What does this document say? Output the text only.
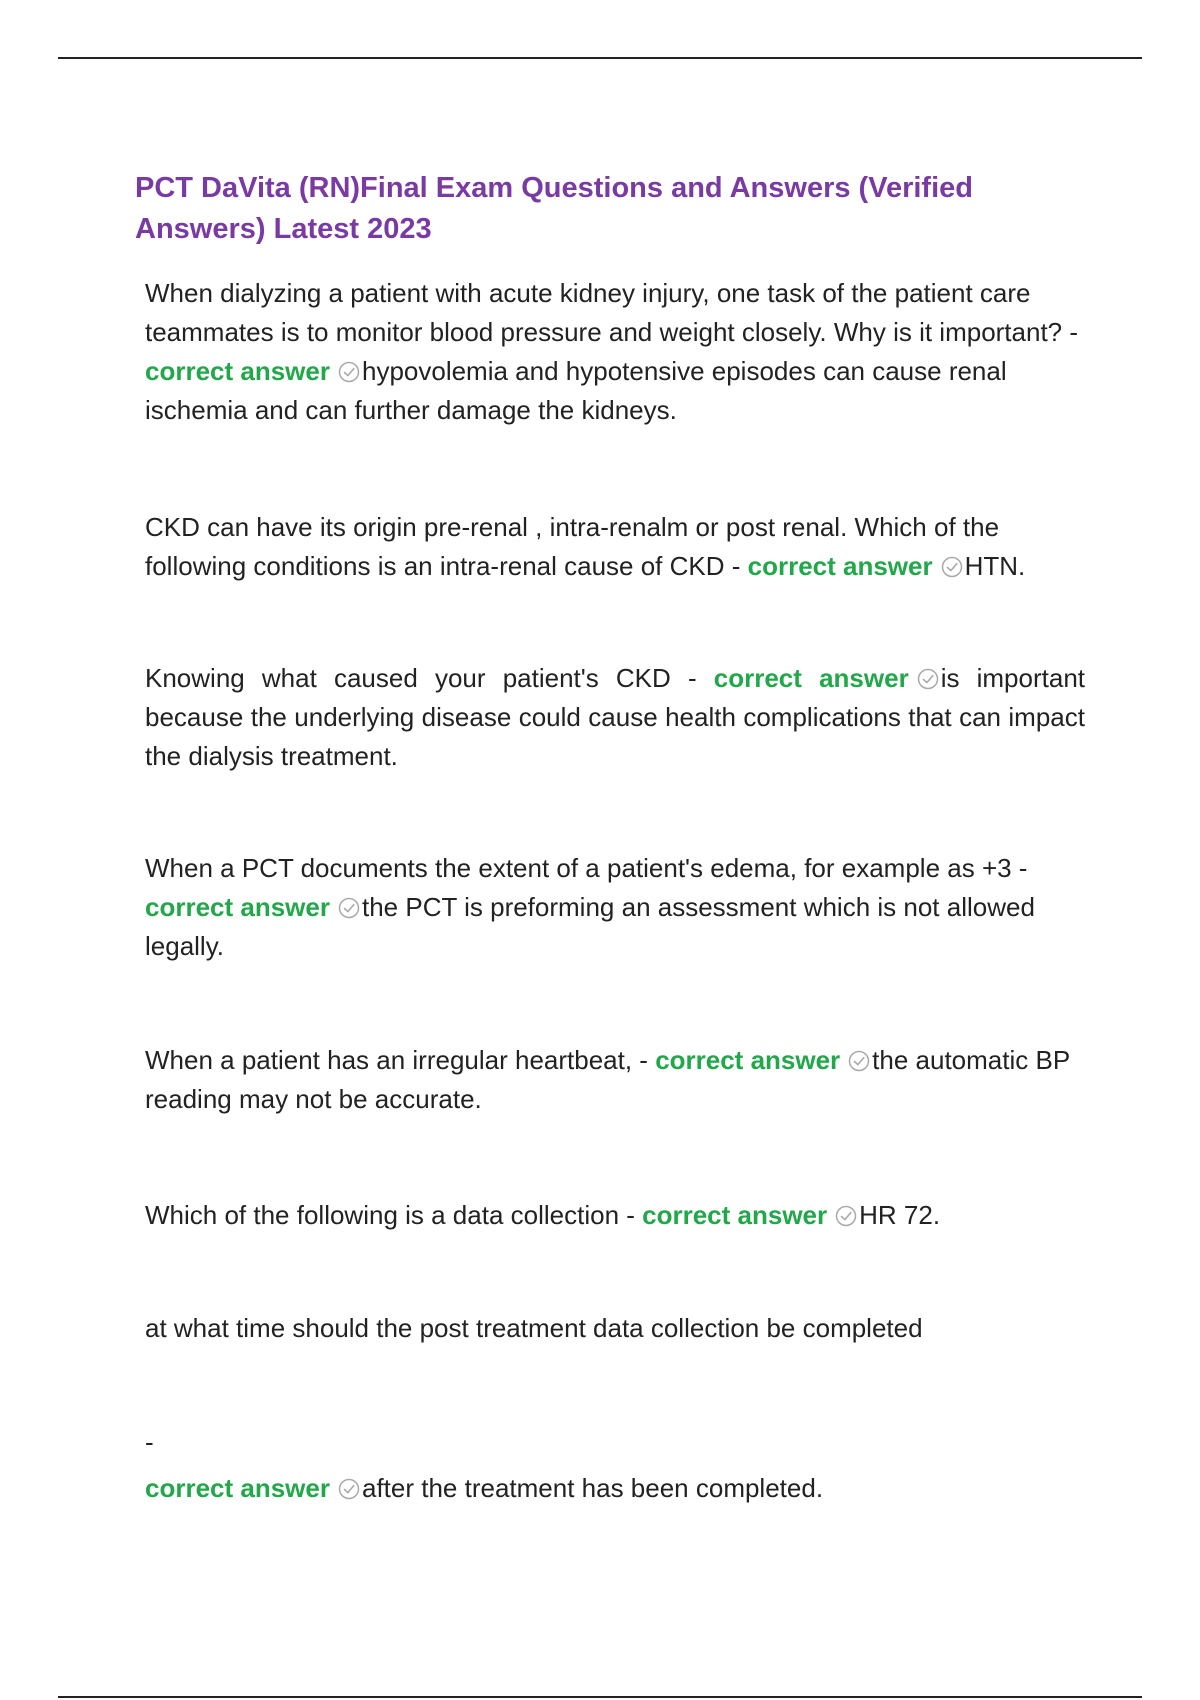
PCT DaVita (RN)Final Exam Questions and Answers (Verified Answers) Latest 2023

When dialyzing a patient with acute kidney injury, one task of the patient care teammates is to monitor blood pressure and weight closely. Why is it important? - correct answer hypovolemia and hypotensive episodes can cause renal ischemia and can further damage the kidneys.

CKD can have its origin pre-renal , intra-renalm or post renal. Which of the following conditions is an intra-renal cause of CKD - correct answer HTN.

Knowing what caused your patient's CKD - correct answer is important because the underlying disease could cause health complications that can impact the dialysis treatment.

When a PCT documents the extent of a patient's edema, for example as +3 - correct answer the PCT is preforming an assessment which is not allowed legally.

When a patient has an irregular heartbeat, - correct answer the automatic BP reading may not be accurate.

Which of the following is a data collection - correct answer HR 72.

at what time should the post treatment data collection be completed

-

correct answer after the treatment has been completed.
